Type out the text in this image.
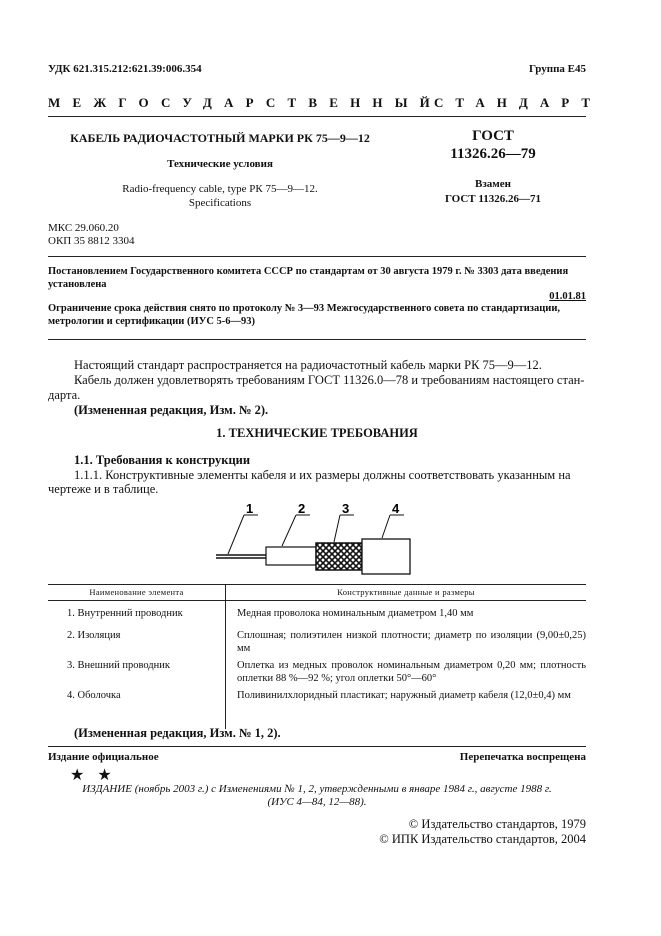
УДК 621.315.212:621.39:006.354	Группа Е45
МЕЖГОСУДАРСТВЕННЫЙ
СТАНДАРТ
КАБЕЛЬ РАДИОЧАСТОТНЫЙ МАРКИ РК 75—9—12
Технические условия
Radio-frequency cable, type РК 75—9—12.
Specifications
ГОСТ
11326.26—79
Взамен
ГОСТ 11326.26—71
МКС 29.060.20
ОКП 35 8812 3304
Постановлением Государственного комитета СССР по стандартам от 30 августа 1979 г. № 3303 дата введения
установлена
01.01.81
Ограничение срока действия снято по протоколу № 3—93 Межгосударственного совета по стандартизации,
метрологии и сертификации (ИУС 5-6—93)
Настоящий стандарт распространяется на радиочастотный кабель марки РК 75—9—12.
Кабель должен удовлетворять требованиям ГОСТ 11326.0—78 и требованиям настоящего стан-
дарта.
(Измененная редакция, Изм. № 2).
1. ТЕХНИЧЕСКИЕ ТРЕБОВАНИЯ
1.1. Требования к конструкции
1.1.1. Конструктивные элементы кабеля и их размеры должны соответствовать указанным на
чертеже и в таблице.
1	2	3	4
Наименование элемента	Конструктивные данные и размеры
1. Внутренний проводник	Медная проволока номинальным диаметром 1,40 мм
2. Изоляция	Сплошная; полиэтилен низкой плотности; диаметр по изоляции (9,00±0,25) мм
3. Внешний проводник	Оплетка из медных проволок номинальным диаметром 0,20 мм; плотность оплетки 88 %—92 %; угол оплетки 50°—60°
4. Оболочка	Поливинилхлоридный пластикат; наружный диаметр кабеля (12,0±0,4) мм
(Измененная редакция, Изм. № 1, 2).
Издание официальное	Перепечатка воспрещена
★ ★
ИЗДАНИЕ (ноябрь 2003 г.) с Изменениями № 1, 2, утвержденными в январе 1984 г., августе 1988 г.
(ИУС 4—84, 12—88).
© Издательство стандартов, 1979
© ИПК Издательство стандартов, 2004
